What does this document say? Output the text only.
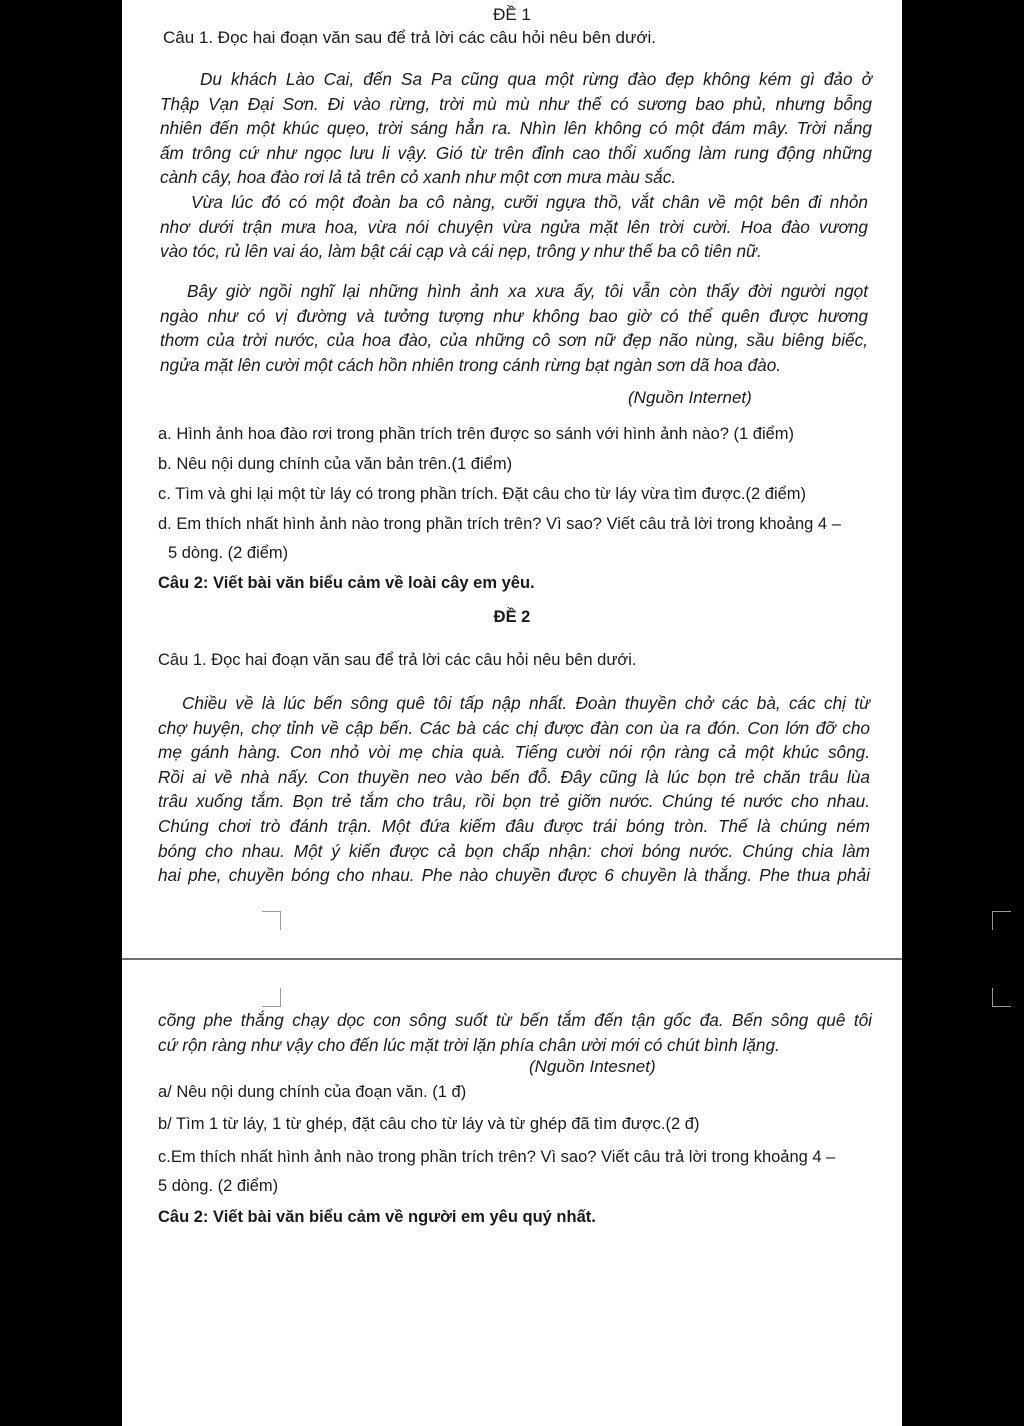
ĐỀ 1
Câu 1. Đọc hai đoạn văn sau để trả lời các câu hỏi nêu bên dưới.
Du khách Lào Cai, đến Sa Pa cũng qua một rừng đào đẹp không kém gì đảo ở
Thập Vạn Đại Sơn. Đi vào rừng, trời mù mù như thế có sương bao phủ, nhưng bỗng
nhiên đến một khúc quẹo, trời sáng hẳn ra. Nhìn lên không có một đám mây. Trời nắng
ấm trông cứ như ngọc lưu li vậy. Gió từ trên đỉnh cao thổi xuống làm rung động những
cành cây, hoa đào rơi lả tả trên cỏ xanh như một cơn mưa màu sắc.
Vừa lúc đó có một đoàn ba cô nàng, cưỡi ngựa thồ, vắt chân về một bên đi nhỏn
nhơ dưới trận mưa hoa, vừa nói chuyện vừa ngửa mặt lên trời cười. Hoa đào vương
vào tóc, rủ lên vai áo, làm bật cái cạp và cái nẹp, trông y như thế ba cô tiên nữ.
Bây giờ ngồi nghĩ lại những hình ảnh xa xưa ấy, tôi vẫn còn thấy đời người ngọt
ngào như có vị đường và tưởng tượng như không bao giờ có thể quên được hương
thơm của trời nước, của hoa đào, của những cô sơn nữ đẹp não nùng, sầu biêng biếc,
ngửa mặt lên cười một cách hồn nhiên trong cánh rừng bạt ngàn sơn dã hoa đào.
(Nguồn Internet)
a. Hình ảnh hoa đào rơi trong phần trích trên được so sánh với hình ảnh nào? (1 điểm)
b. Nêu nội dung chính của văn bản trên.(1 điểm)
c. Tìm và ghi lại một từ láy có trong phần trích. Đặt câu cho từ láy vừa tìm được.(2 điểm)
d. Em thích nhất hình ảnh nào trong phần trích trên? Vì sao? Viết câu trả lời trong khoảng 4 –
5 dòng. (2 điểm)
Câu 2: Viết bài văn biểu cảm về loài cây em yêu.
ĐỀ 2
Câu 1. Đọc hai đoạn văn sau để trả lời các câu hỏi nêu bên dưới.
Chiều về là lúc bến sông quê tôi tấp nập nhất. Đoàn thuyền chở các bà, các chị từ
chợ huyện, chợ tỉnh về cập bến. Các bà các chị được đàn con ùa ra đón. Con lớn đỡ cho
mẹ gánh hàng. Con nhỏ vòi mẹ chia quà. Tiếng cười nói rộn ràng cả một khúc sông.
Rồi ai về nhà nấy. Con thuyền neo vào bến đỗ. Đây cũng là lúc bọn trẻ chăn trâu lùa
trâu xuống tắm. Bọn trẻ tắm cho trâu, rồi bọn trẻ giỡn nước. Chúng té nước cho nhau.
Chúng chơi trò đánh trận. Một đứa kiếm đâu được trái bóng tròn. Thế là chúng ném
bóng cho nhau. Một ý kiến được cả bọn chấp nhận: chơi bóng nước. Chúng chia làm
hai phe, chuyền bóng cho nhau. Phe nào chuyền được 6 chuyền là thắng. Phe thua phải
cõng phe thắng chạy dọc con sông suốt từ bến tắm đến tận gốc đa. Bến sông quê tôi
cứ rộn ràng như vậy cho đến lúc mặt trời lặn phía chân ười mới có chút bình lặng.
(Nguồn Intesnet)
a/ Nêu nội dung chính của đoạn văn. (1 đ)
b/ Tìm 1 từ láy, 1 từ ghép, đặt câu cho từ láy và từ ghép đã tìm được.(2 đ)
c.Em thích nhất hình ảnh nào trong phần trích trên? Vì sao? Viết câu trả lời trong khoảng 4 –
5 dòng. (2 điểm)
Câu 2: Viết bài văn biểu cảm về người em yêu quý nhất.
